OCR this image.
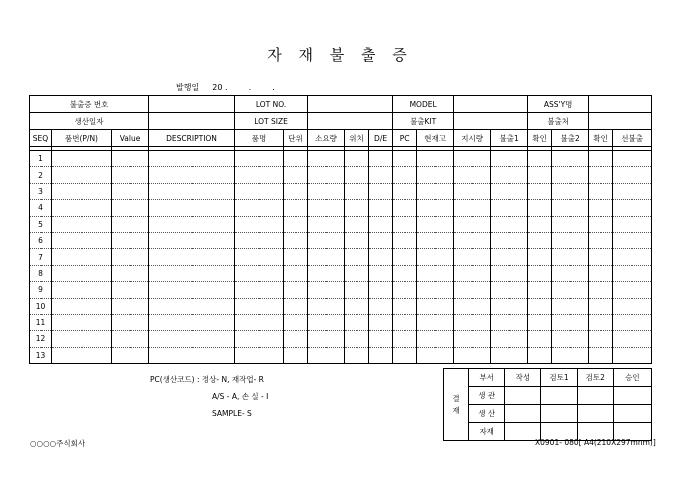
자 재 불 출 증
발행일 20 .	.	.
불출증 번호				LOT NO.					MODEL				ASS'Y명			
생산일자				LOT SIZE					불출KIT				불출처			
SEQ	품번(P/N)	Value	DESCRIPTION	품명	단위	소요량	위치	D/E	PC	현재고	지시량	불출1	확인	불출2	확인	선불출

1																
2																
3																
4																
5																
6																
7																
8																
9																
10																
11																
12																
13																
PC(생산코드) : 정상- N, 재작업- R
A/S - A, 손 실 - I
SAMPLE- S
결 재	부서	작성	검토1	검토2	승인
	생 관				
	생 산				
	자재				
○○○○주식회사	X0901- 080[ A4(210X297mnm)]
